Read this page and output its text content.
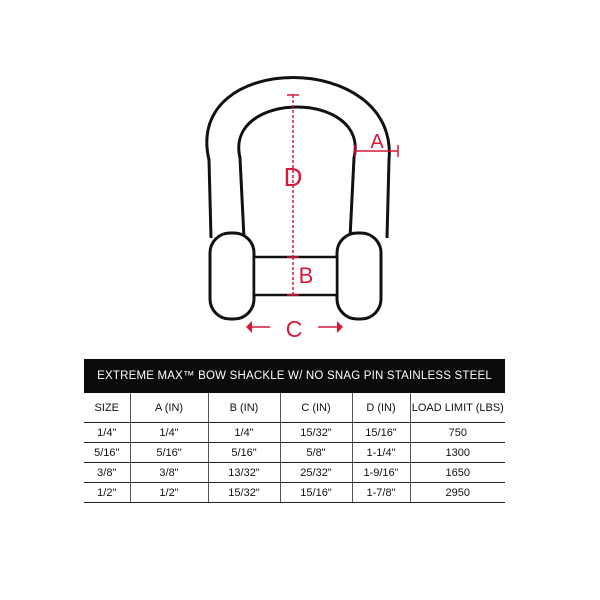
D
B
A
C
EXTREME MAX™ BOW SHACKLE W/ NO SNAG PIN STAINLESS STEEL					
SIZE	A (IN)	B (IN)	C (IN)	D (IN)	LOAD LIMIT (LBS)
1/4"	1/4"	1/4"	15/32"	15/16"	750
5/16"	5/16"	5/16"	5/8"	1-1/4"	1300
3/8"	3/8"	13/32"	25/32"	1-9/16"	1650
1/2"	1/2"	15/32"	15/16"	1-7/8"	2950
